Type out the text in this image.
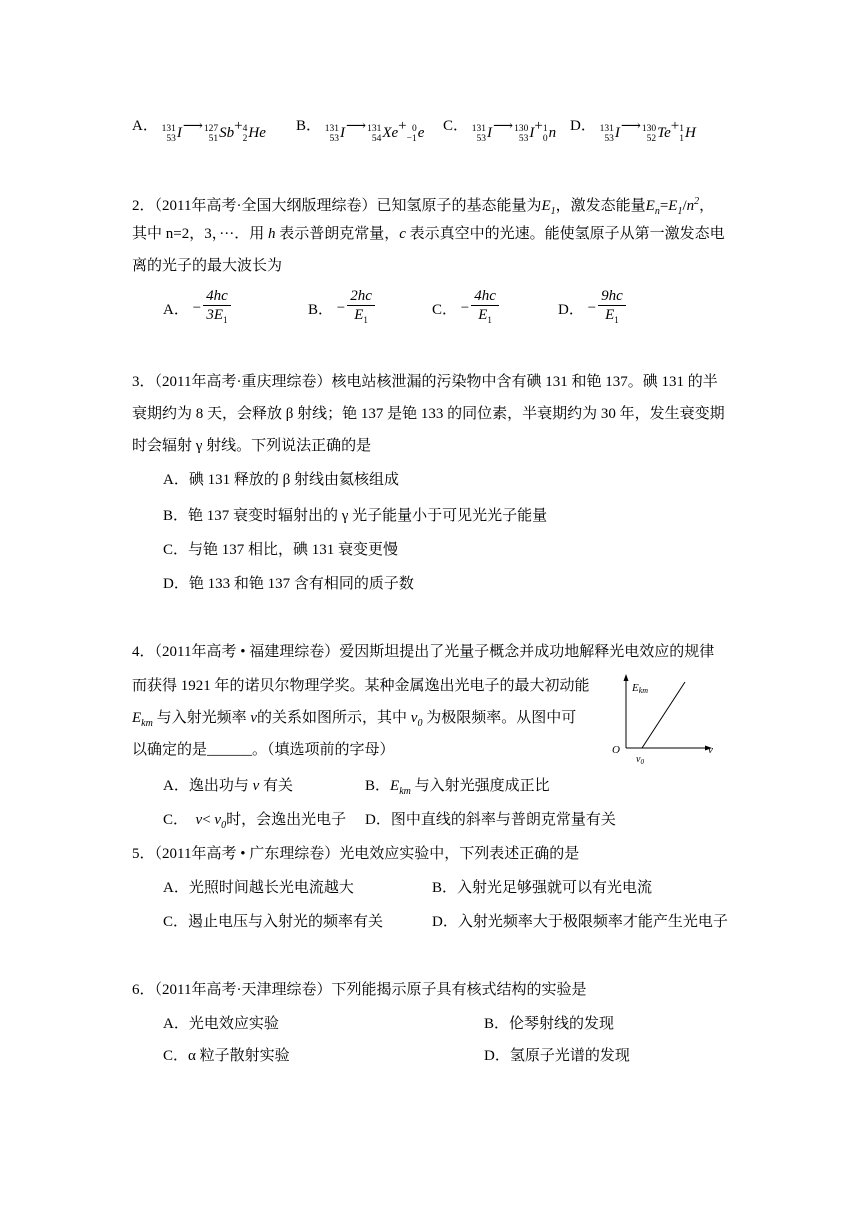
A． 131
53 I ⟶ 127
51 Sb + 4
2 He B． 131
53 I ⟶ 131
54 Xe + 0
−1 e C． 131
53 I ⟶ 130
53 I + 1
0 n D． 131
53 I ⟶ 130
52 Te + 1
1 H
2．（2011年高考·全国大纲版理综卷）已知氢原子的基态能量为$E_1$，激发态能量$E_n=E_1/n^2$，
其中 n=2，3，···．用 h 表示普朗克常量，c 表示真空中的光速。能使氢原子从第一激发态电
离的光子的最大波长为
A． − $\frac{4hc}{3E_1}$	B． − $\frac{2hc}{E_1}$	C． − $\frac{4hc}{E_1}$	D． − $\frac{9hc}{E_1}$
3．（2011年高考·重庆理综卷）核电站核泄漏的污染物中含有碘 131 和铯 137。碘 131 的半
衰期约为 8 天，会释放 β 射线；铯 137 是铯 133 的同位素，半衰期约为 30 年，发生衰变期
时会辐射 γ 射线。下列说法正确的是
A．碘 131 释放的 β 射线由氦核组成
B．铯 137 衰变时辐射出的 γ 光子能量小于可见光光子能量
C．与铯 137 相比，碘 131 衰变更慢
D．铯 133 和铯 137 含有相同的质子数
4．（2011年高考 • 福建理综卷）爱因斯坦提出了光量子概念并成功地解释光电效应的规律
而获得 1921 年的诺贝尔物理学奖。某种金属逸出光电子的最大初动能
$E_{km}$ 与入射光频率 ν的关系如图所示，其中 $\nu_0$ 为极限频率。从图中可
以确定的是______。（填选项前的字母）
A．逸出功与 ν 有关	B．$E_{km}$ 与入射光强度成正比
C． $\nu< \nu_0$时，会逸出光电子 D．图中直线的斜率与普朗克常量有关
Ekm
O
$v_0$
v
5．（2011年高考 • 广东理综卷）光电效应实验中，下列表述正确的是
A．光照时间越长光电流越大	B．入射光足够强就可以有光电流
C．遏止电压与入射光的频率有关	D．入射光频率大于极限频率才能产生光电子
6．（2011年高考·天津理综卷）下列能揭示原子具有核式结构的实验是
A．光电效应实验	B．伦琴射线的发现
C．α 粒子散射实验	D．氢原子光谱的发现
